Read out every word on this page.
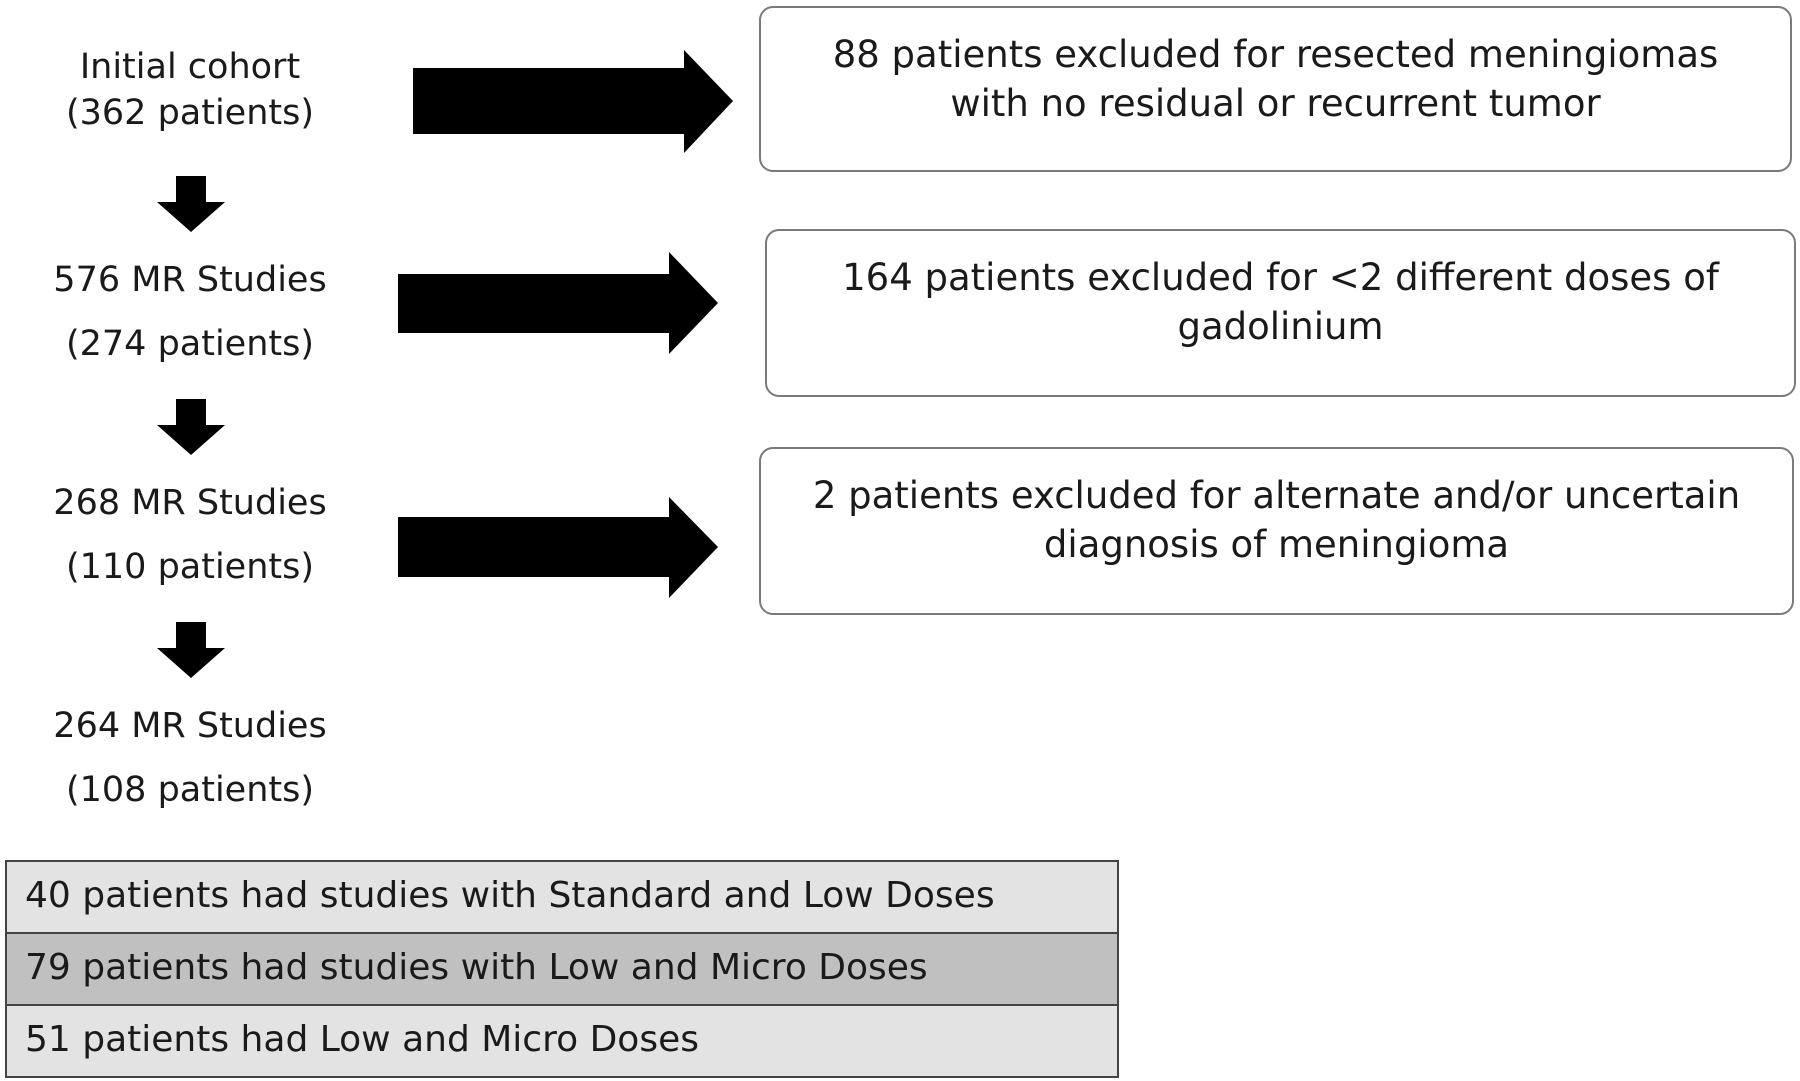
Initial cohort
(362 patients)
576 MR Studies
(274 patients)
268 MR Studies
(110 patients)
264 MR Studies
(108 patients)
88 patients excluded for resected meningiomas
with no residual or recurrent tumor
164 patients excluded for <2 different doses of
gadolinium
2 patients excluded for alternate and/or uncertain
diagnosis of meningioma
40 patients had studies with Standard and Low Doses
79 patients had studies with Low and Micro Doses
51 patients had Low and Micro Doses
